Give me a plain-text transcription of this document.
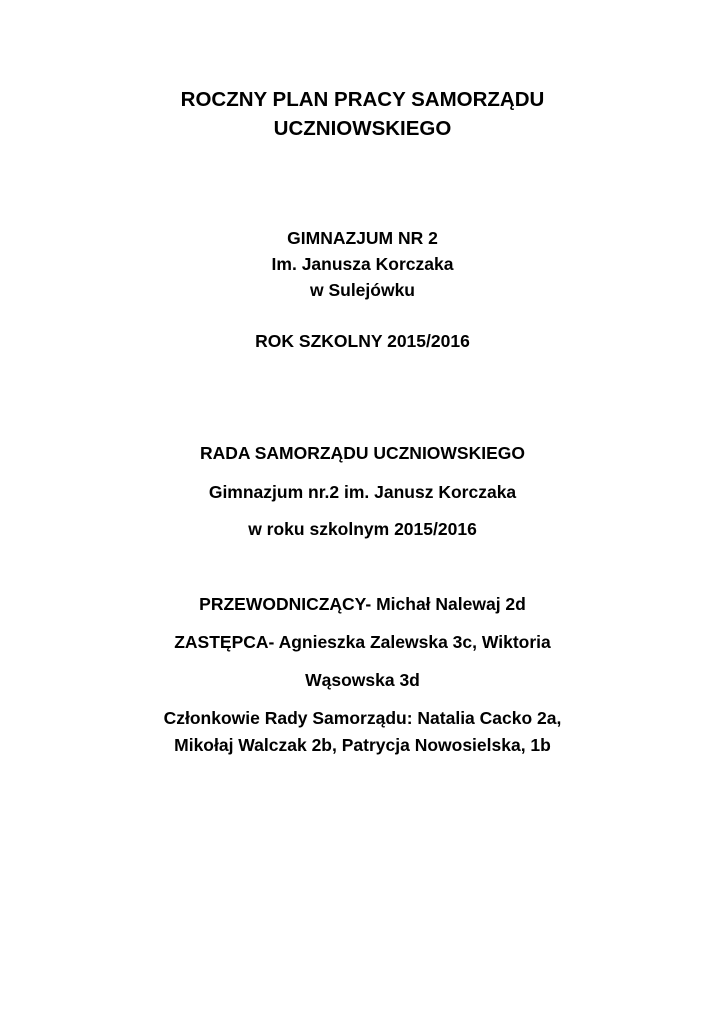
ROCZNY PLAN PRACY SAMORZĄDU
UCZNIOWSKIEGO
GIMNAZJUM NR 2
Im. Janusza Korczaka
w Sulejówku
ROK SZKOLNY 2015/2016
RADA SAMORZĄDU UCZNIOWSKIEGO
Gimnazjum nr.2 im. Janusz Korczaka
w roku szkolnym 2015/2016
PRZEWODNICZĄCY- Michał Nalewaj 2d
ZASTĘPCA- Agnieszka Zalewska 3c, Wiktoria
Wąsowska 3d
Członkowie Rady Samorządu: Natalia Cacko 2a,
Mikołaj Walczak 2b, Patrycja Nowosielska, 1b
